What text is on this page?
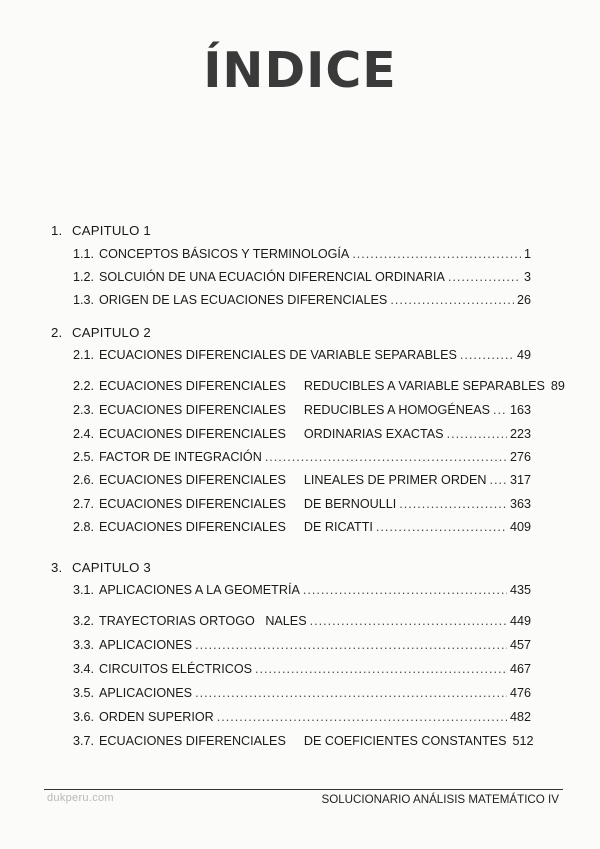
ÍNDICE
1. CAPITULO 1
1.1. CONCEPTOS BÁSICOS Y TERMINOLOGÍA .....	1
1.2. SOLCUIÓN DE UNA ECUACIÓN DIFERENCIAL ORDINARIA .....	3
1.3. ORIGEN DE LAS ECUACIONES DIFERENCIALES .....	26
2. CAPITULO 2
2.1. ECUACIONES DIFERENCIALES DE VARIABLE SEPARABLES .....	49
2.2. ECUACIONES DIFERENCIALES REDUCIBLES A VARIABLE SEPARABLES 89
2.3. ECUACIONES DIFERENCIALES REDUCIBLES A HOMOGÉNEAS ..... 163
2.4. ECUACIONES DIFERENCIALES ORDINARIAS EXACTAS .....	223
2.5. FACTOR DE INTEGRACIÓN .....	276
2.6. ECUACIONES DIFERENCIALES LINEALES DE PRIMER ORDEN ..... 317
2.7. ECUACIONES DIFERENCIALES DE BERNOULLI .....	363
2.8. ECUACIONES DIFERENCIALES DE RICATTI .....	409
3. CAPITULO 3
3.1. APLICACIONES A LA GEOMETRÍA .....	435
3.2. TRAYECTORIAS ORTOGO   NALES .....	449
3.3. APLICACIONES .....	457
3.4. CIRCUITOS ELÉCTRICOS .....	467
3.5. APLICACIONES .....	476
3.6. ORDEN SUPERIOR .....	482
3.7. ECUACIONES DIFERENCIALES DE COEFICIENTES CONSTANTES 512
dukperu.com	SOLUCIONARIO ANÁLISIS MATEMÁTICO IV
